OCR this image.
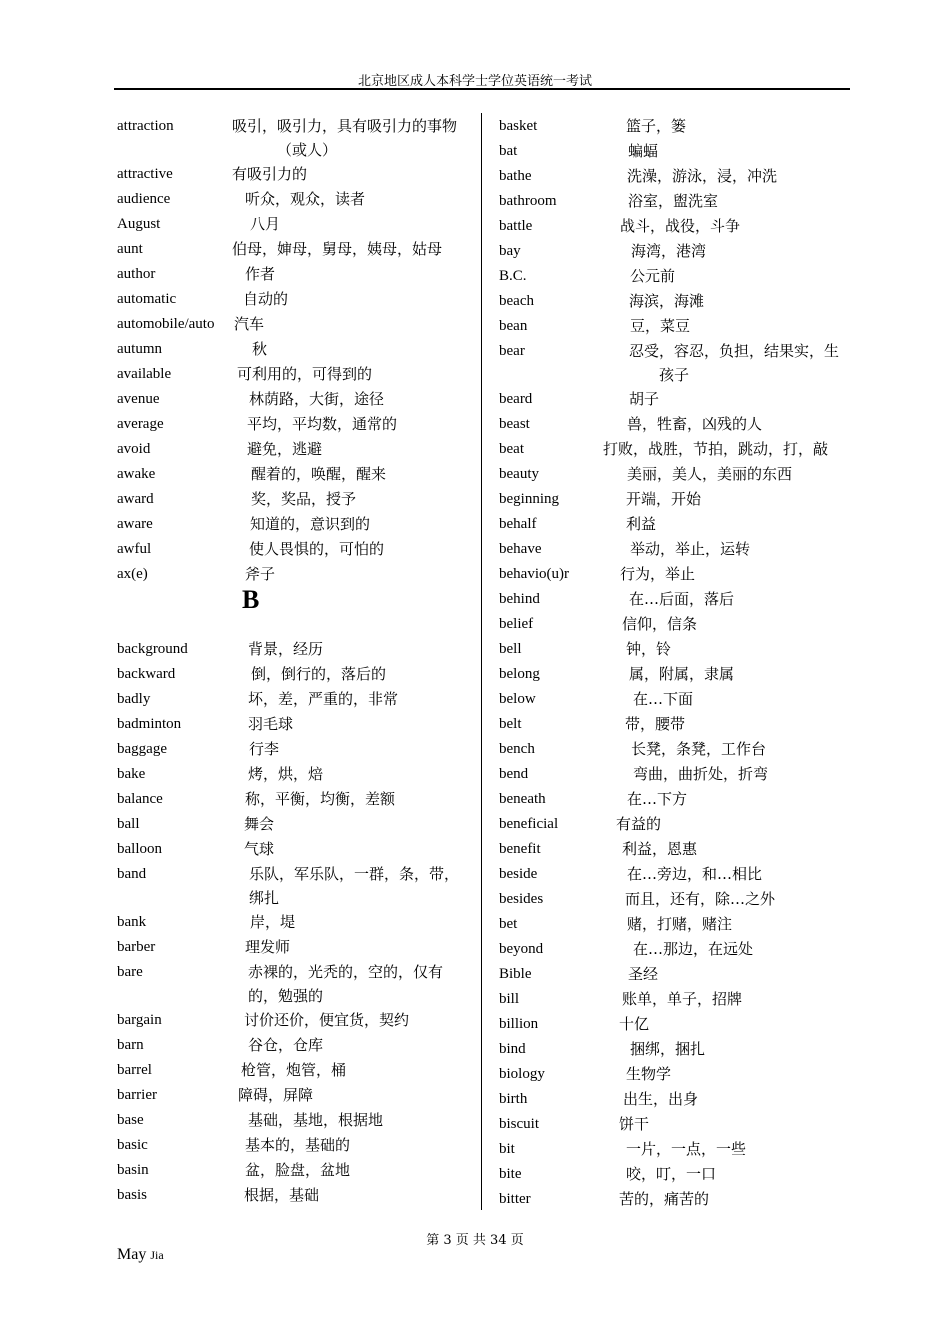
北京地区成人本科学士学位英语统一考试
attraction	吸引，吸引力，具有吸引力的事物（或人）
attractive	有吸引力的
audience	听众，观众，读者
August	八月
aunt	伯母，婶母，舅母，姨母，姑母
author	作者
automatic	自动的
automobile/auto	汽车
autumn	秋
available	可利用的，可得到的
avenue	林荫路，大街，途径
average	平均，平均数，通常的
avoid	避免，逃避
awake	醒着的，唤醒，醒来
award	奖，奖品，授予
aware	知道的，意识到的
awful	使人畏惧的，可怕的
ax(e)	斧子
B
background	背景，经历
backward	倒，倒行的，落后的
badly	坏，差，严重的，非常
badminton	羽毛球
baggage	行李
bake	烤，烘，焙
balance	称，平衡，均衡，差额
ball	舞会
balloon	气球
band	乐队，军乐队，一群，条，带，绑扎
bank	岸，堤
barber	理发师
bare	赤裸的，光秃的，空的，仅有的，勉强的
bargain	讨价还价，便宜货，契约
barn	谷仓，仓库
barrel	枪管，炮管，桶
barrier	障碍，屏障
base	基础，基地，根据地
basic	基本的，基础的
basin	盆，脸盘，盆地
basis	根据，基础
basket	篮子，篓
bat	蝙蝠
bathe	洗澡，游泳，浸，冲洗
bathroom	浴室，盥洗室
battle	战斗，战役，斗争
bay	海湾，港湾
B.C.	公元前
beach	海滨，海滩
bean	豆，菜豆
bear	忍受，容忍，负担，结果实，生孩子
beard	胡子
beast	兽，牲畜，凶残的人
beat	打败，战胜，节拍，跳动，打，敲
beauty	美丽，美人，美丽的东西
beginning	开端，开始
behalf	利益
behave	举动，举止，运转
behavio(u)r	行为，举止
behind	在…后面，落后
belief	信仰，信条
bell	钟，铃
belong	属，附属，隶属
below	在…下面
belt	带，腰带
bench	长凳，条凳，工作台
bend	弯曲，曲折处，折弯
beneath	在…下方
beneficial	有益的
benefit	利益，恩惠
beside	在…旁边，和…相比
besides	而且，还有，除…之外
bet	赌，打赌，赌注
beyond	在…那边，在远处
Bible	圣经
bill	账单，单子，招牌
billion	十亿
bind	捆绑，捆扎
biology	生物学
birth	出生，出身
biscuit	饼干
bit	一片，一点，一些
bite	咬，叮，一口
bitter	苦的，痛苦的
第 3 页 共 34 页
May Jia
